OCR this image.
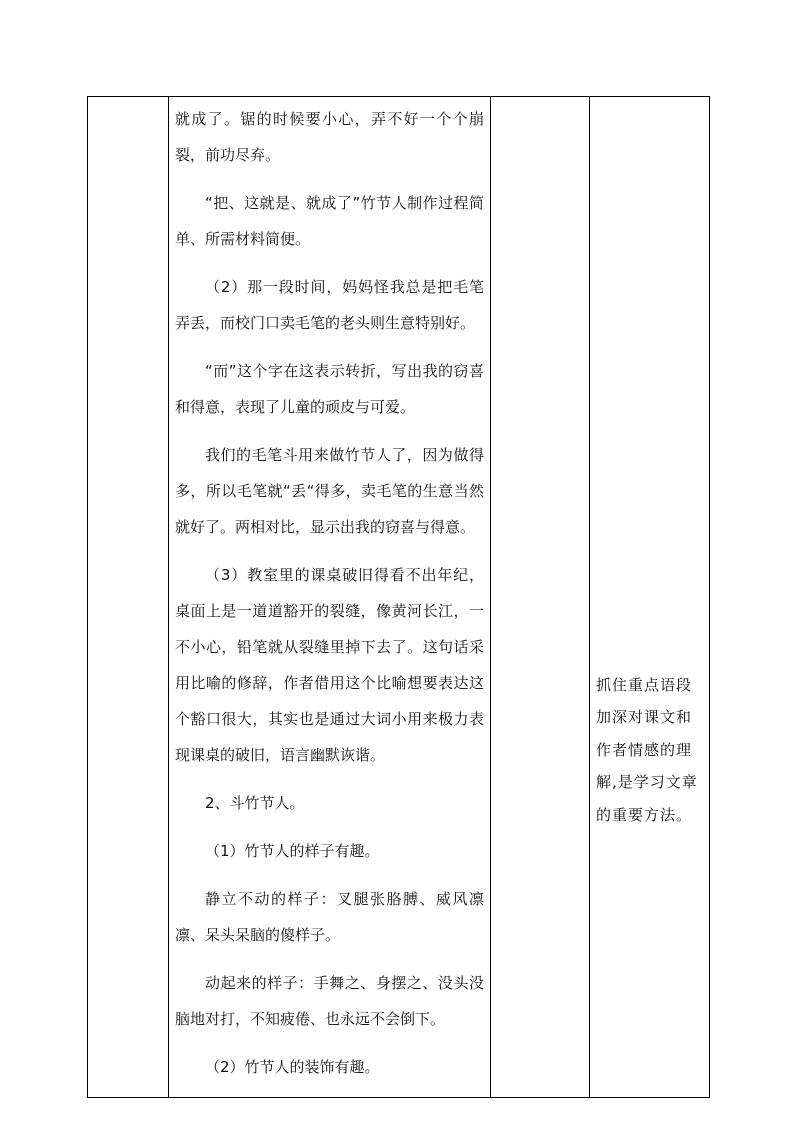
就成了。锯的时候要小心，弄不好一个个崩裂，前功尽弃。

“把、这就是、就成了”竹节人制作过程简单、所需材料简便。

（2）那一段时间，妈妈怪我总是把毛笔弄丢，而校门口卖毛笔的老头则生意特别好。

“而”这个字在这表示转折，写出我的窃喜和得意，表现了儿童的顽皮与可爱。

我们的毛笔斗用来做竹节人了，因为做得多，所以毛笔就“丢“得多，卖毛笔的生意当然就好了。两相对比，显示出我的窃喜与得意。

（3）教室里的课桌破旧得看不出年纪，桌面上是一道道豁开的裂缝，像黄河长江，一不小心，铅笔就从裂缝里掉下去了。这句话采用比喻的修辞，作者借用这个比喻想要表达这个豁口很大，其实也是通过大词小用来极力表现课桌的破旧，语言幽默诙谐。

2、斗竹节人。

（1）竹节人的样子有趣。

静立不动的样子：叉腿张胳膊、威风凛凛、呆头呆脑的傻样子。

动起来的样子：手舞之、身摆之、没头没脑地对打，不知疲倦、也永远不会倒下。

（2）竹节人的装饰有趣。

抓住重点语段加深对课文和作者情感的理解,是学习文章的重要方法。
